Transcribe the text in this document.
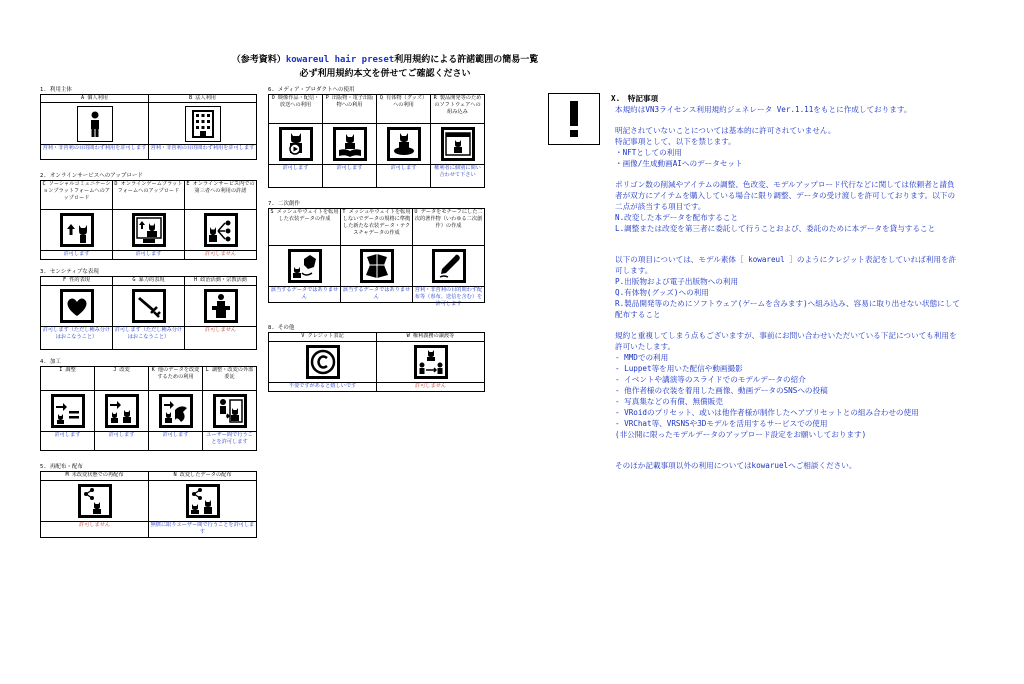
（参考資料）kowareul hair preset利用規約による許諾範囲の簡易一覧
必ず利用規約本文を併せてご確認ください
1. 利用主体
A 個人利用
営利・非営利の目的問わず利用を許可します
B 法人利用
営利・非営利の目的問わず利用を許可します
2. オンラインサービスへのアップロード
C ソーシャルコミュニケーションプラットフォームへのアップロード
許可します
D オンラインゲームプラットフォームへのアップロード
許可します
E オンラインサービス内での第三者への利用の許諾
許可しません
3. センシティブな表現
F 性的表現
許可します（ただし種み分けはおこなうこと）
G 暴力的表現
許可します（ただし種み分けはおこなうこと）
H 政治活動・宗教活動
許可しません
4. 加工
I 調整
許可します
J 改変
許可します
K 他のデータを改変するための利用
許可します
L 調整・改変の外部委託
ユーザー間で行うことを許可します
5. 再配布・配布
M 未改変状態での再配布
許可しません
N 改変したデータの配布
無償に限りユーザー間で行うことを許可します
6. メディア・プロダクトへの使用
O 映像作品・配信・放送への利用
許可します
P 出版物・電子出版物への利用
許可します
Q 有体物（グッズ）への利用
許可します
R 製品開発等のためのソフトウェアへの組み込み
権利者に個別に問い合わせて下さい
7. 二次創作
S メッシュやウェイトを転用した衣装データの作成
該当するデータではありません
T メッシュやウェイトを転用しないでデータの規格に準拠した新たな衣装データ・テクスチャデータの作成
該当するデータではありません
U データをモチーフにした二次的著作物（いわゆる二次創作）の作成
営利・非営利の目的問わず配布等（県布、送信を含む）を許可します
8. その他
V クレジット表記
不要ですがあると嬉しいです
W 権利義務の譲渡等
許可しません
X.　特記事項
本規約はVN3ライセンス利用規約ジェネレータ Ver.1.11をもとに作成しております。
明記されていないことについては基本的に許可されていません。
特記事項として、以下を禁じます。
・NFTとしての利用
・画像/生成動画AIへのデータセット
ポリゴン数の削減やアイテムの調整、色改変、モデルアップロード代行などに関しては依頼者と請負者が双方にアイテムを購入している場合に限り調整、データの受け渡しを許可しております。以下の二点が該当する項目です。
N.改変した本データを配布すること
L.調整または改変を第三者に委託して行うことおよび、委託のために本データを貸与すること
以下の項目については、モデル素体［ kowareul ］のようにクレジット表記をしていれば利用を許可します。
P.出版物および電子出版物への利用
Q.有体物(グッズ)への利用
R.製品開発等のためにソフトウェア(ゲームを含みます)へ組み込み、容易に取り出せない状態にして配布すること
規約と重複してしまう点もございますが、事前にお問い合わせいただいている下記についても利用を許可いたします。
- MMDでの利用
- Luppet等を用いた配信や動画撮影
- イベントや講演等のスライドでのモデルデータの紹介
- 他作者様の衣装を着用した画像、動画データのSNSへの投稿
- 写真集などの有償、無償販売
- VRoidのプリセット、或いは他作者様が制作したヘアプリセットとの組み合わせの使用
- VRChat等、VRSNSや3Dモデルを活用するサービスでの使用
(非公開に限ったモデルデータのアップロード設定をお願いしております)
そのほか記載事項以外の利用についてはkowaruelへご相談ください。
